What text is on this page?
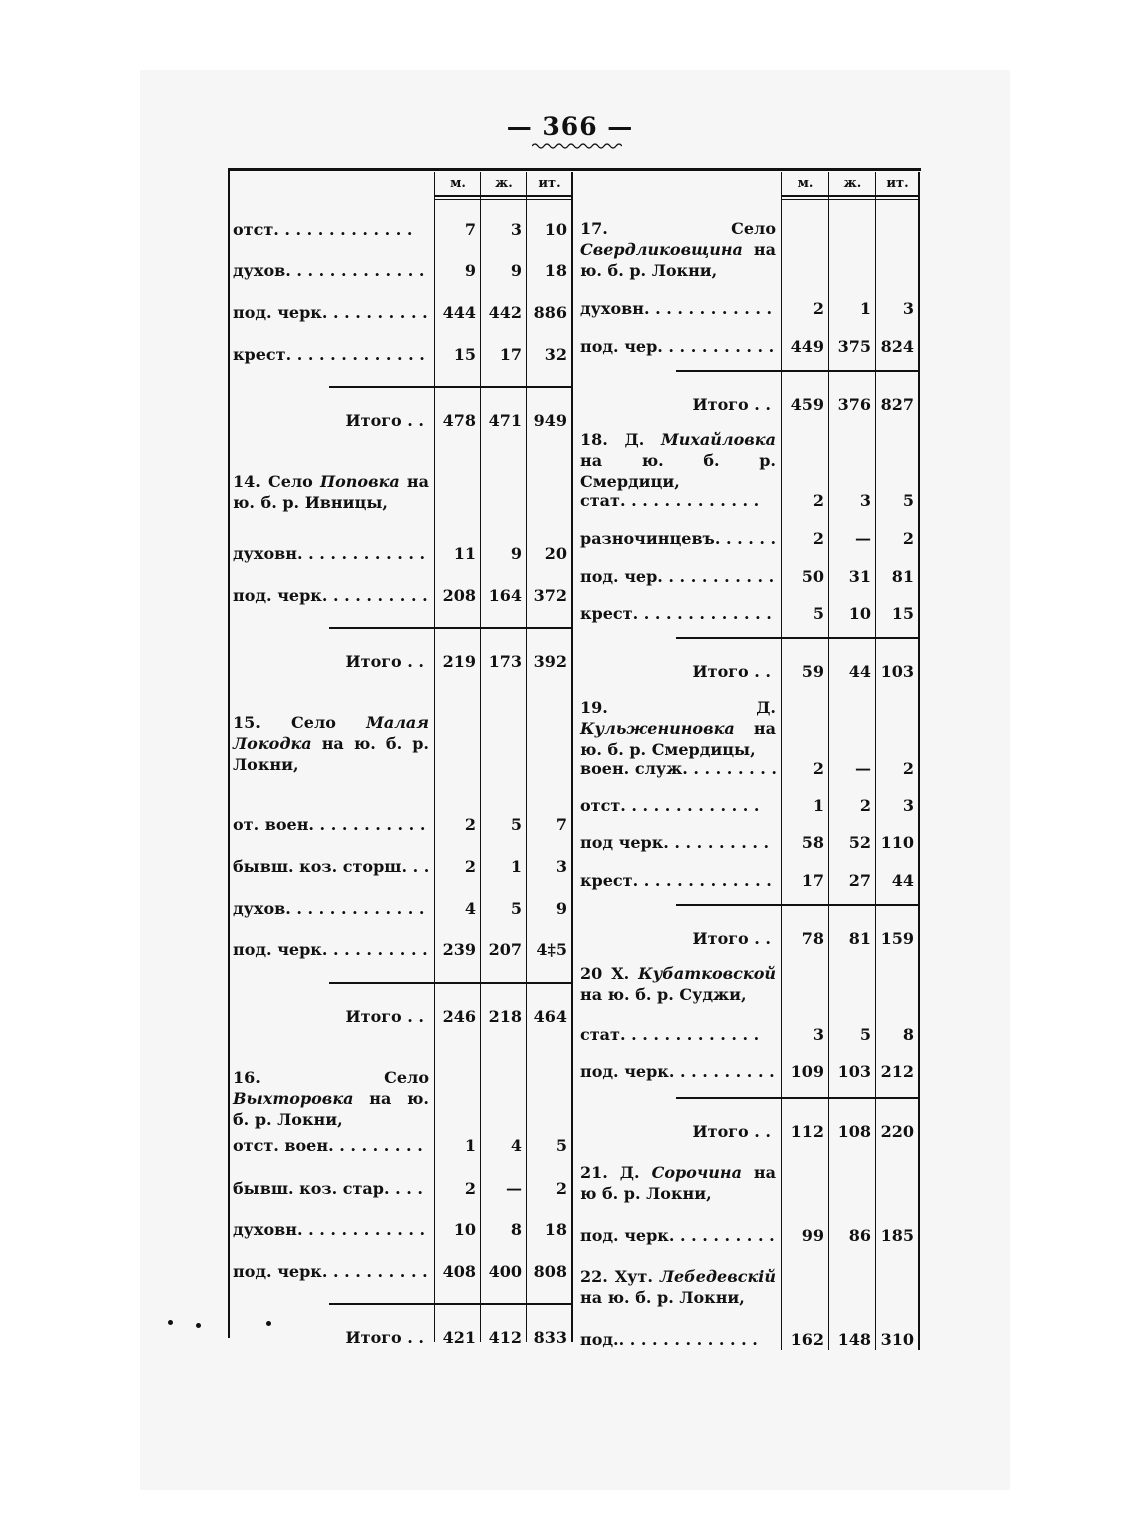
— 366 —
м.	ж.	ит.	м.	ж.	ит.
отст. . . .	7	3	10
духов. . . .	9	9	18
под. черк. . . .	444 442 886
крест. . . .	15	17	32
Итого . .	478 471 949
14. Село Поповка на ю. б. р. Ивницы,
духовн. . . .	11	9	20
под. черк. . . .	208 164 372
Итого . .	219 173 392
15. Село Малая Локодка на ю. б. р. Локни,
от. воен. . . .	2	5	7
бывш. коз. сторш. . . . .	2	1	3
духов. . . .	4	5	9
под. черк. . . .	239 207 4‡5
Итого . .	246 218 464
16. Село Выхторовка на ю. б. р. Локни,
отст. воен. . . .	1	4	5
бывш. коз. стар. . . .	2	—	2
духовн. . . .	10	8	18
под. черк. . . .	408 400 808
Итого . .	421 412 833
17. Село Свердликовщина на ю. б. р. Локни,
духовн. . . .	2	1	3
под. чер. . . .	449 375 824
Итого . .	459 376 827
18. Д. Михайловка на ю. б. р. Смердици,
стат. . . .	2	3	5
разночинцевъ. . . .	2	—	2
под. чер. . . .	50	31	81
крест. . . .	5	10	15
Итого . .	59	44 103
19. Д. Кульжениновка на ю. б. р. Смердицы,
воен. служ. . . .	2	—	2
отст. . . .	1	2	3
под черк. . . .	58	52 110
крест. . . .	17	27	44
Итого . .	78	81 159
20 Х. Кубатковской на ю. б. р. Суджи,
стат. . . .	3	5	8
под. черк. . . .	109 103 212
Итого . .	112 108 220
21. Д. Сорочина на ю б. р. Локни,
под. черк. . . .	99	86 185
22. Хут. Лебедевскій на ю. б. р. Локни,
под.. . . .	162 148 310
